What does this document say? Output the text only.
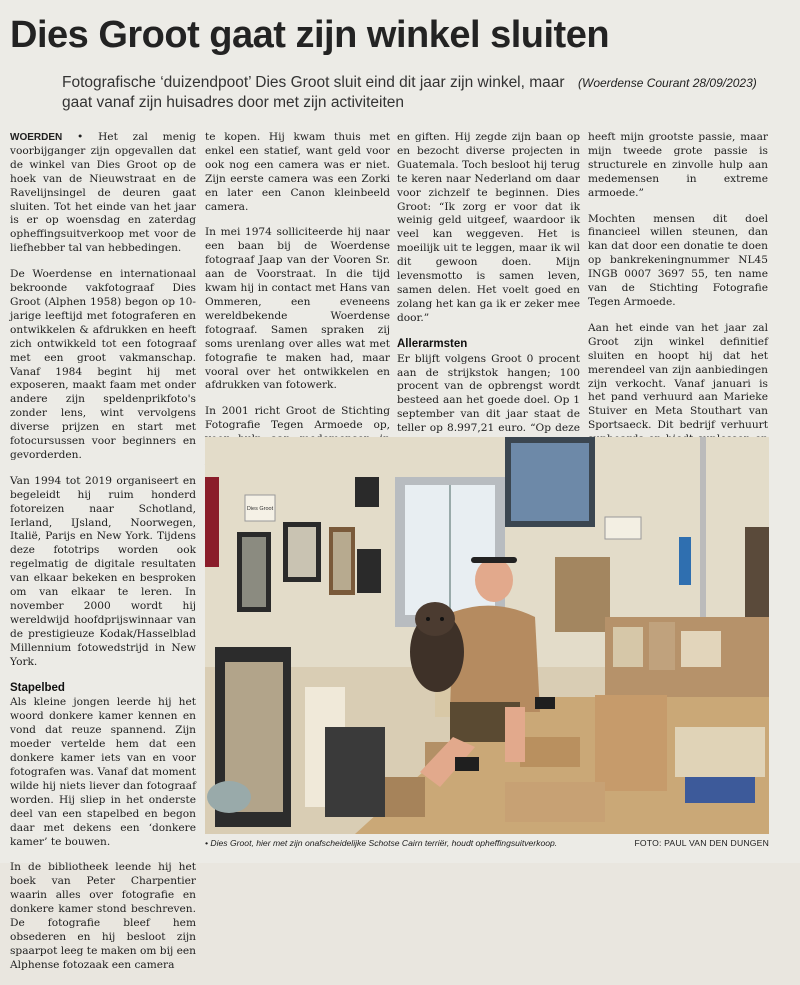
Dies Groot gaat zijn winkel sluiten
Fotografische ‘duizendpoot’ Dies Groot sluit eind dit jaar zijn winkel, maar gaat vanaf zijn huisadres door met zijn activiteiten
(Woerdense Courant 28/09/2023)

WOERDEN • Het zal menig voorbijganger zijn opgevallen dat de winkel van Dies Groot op de hoek van de Nieuwstraat en de Ravelijnsingel de deuren gaat sluiten. Tot het einde van het jaar is er op woensdag en zaterdag opheffingsuitverkoop met voor de liefhebber tal van hebbedingen.

De Woerdense en internationaal bekroonde vakfotograaf Dies Groot (Alphen 1958) begon op 10-jarige leeftijd met fotograferen en ontwikkelen & afdrukken en heeft zich ontwikkeld tot een fotograaf met een groot vakmanschap. Vanaf 1984 begint hij met exposeren, maakt faam met onder andere zijn speldenprikfoto's zonder lens, wint vervolgens diverse prijzen en start met fotocursussen voor beginners en gevorderden.

Van 1994 tot 2019 organiseert en begeleidt hij ruim honderd fotoreizen naar Schotland, Ierland, IJsland, Noorwegen, Italië, Parijs en New York. Tijdens deze fototrips worden ook regelmatig de digitale resultaten van elkaar bekeken en besproken om van elkaar te leren. In november 2000 wordt hij wereldwijd hoofdprijswinnaar van de prestigieuze Kodak/Hasselblad Millennium fotowedstrijd in New York.

Stapelbed

Als kleine jongen leerde hij het woord donkere kamer kennen en vond dat reuze spannend. Zijn moeder vertelde hem dat een donkere kamer iets van en voor fotografen was. Vanaf dat moment wilde hij niets liever dan fotograaf worden. Hij sliep in het onderste deel van een stapelbed en begon daar met dekens een ‘donkere kamer’ te bouwen.

In de bibliotheek leende hij het boek van Peter Charpentier waarin alles over fotografie en donkere kamer stond beschreven. De fotografie bleef hem obsederen en hij besloot zijn spaarpot leeg te maken om bij een Alphense fotozaak een camera

te kopen. Hij kwam thuis met enkel een statief, want geld voor ook nog een camera was er niet. Zijn eerste camera was een Zorki en later een Canon kleinbeeld camera.

In mei 1974 solliciteerde hij naar een baan bij de Woerdense fotograaf Jaap van der Vooren Sr. aan de Voorstraat. In die tijd kwam hij in contact met Hans van Ommeren, een eveneens wereldbekende Woerdense fotograaf. Samen spraken zij soms urenlang over alles wat met fotografie te maken had, maar vooral over het ontwikkelen en afdrukken van fotowerk.

In 2001 richt Groot de Stichting Fotografie Tegen Armoede op,

en giften. Hij zegde zijn baan op en bezocht diverse projecten in Guatemala. Toch besloot hij terug te keren naar Nederland om daar voor zichzelf te beginnen. Dies Groot: “Ik zorg er voor dat ik weinig geld uitgeef, waardoor ik veel kan weggeven. Het is moeilijk uit te leggen, maar ik wil dit gewoon doen. Mijn levensmotto is samen leven, samen delen. Het voelt goed en zolang het kan ga ik er zeker mee door.”

Allerarmsten

Er blijft volgens Groot 0 procent aan de strijkstok hangen; 100 procent van de opbrengst wordt besteed aan het goede doel. Op 1 september van dit jaar staat de teller op 8.997,21 euro. “Op deze

heeft mijn grootste passie, maar mijn tweede grote passie is structurele en zinvolle hulp aan medemensen in extreme armoede.”

Mochten mensen dit doel financieel willen steunen, dan kan dat door een donatie te doen op bankrekeningnummer NL45 INGB 0007 3697 55, ten name van de Stichting Fotografie Tegen Armoede.

Aan het einde van het jaar zal Groot zijn winkel definitief sluiten en hoopt hij dat het merendeel van zijn aanbiedingen zijn verkocht. Vanaf januari is het pand verhuurd aan Marieke Stuiver en Meta Stouthart van Sportsaeck. Dit bedrijf verhuurt

Dies Groot
• Dies Groot, hier met zijn onafscheidelijke Schotse Cairn terriër, houdt opheffingsuitverkoop.	FOTO: PAUL VAN DEN DUNGEN
